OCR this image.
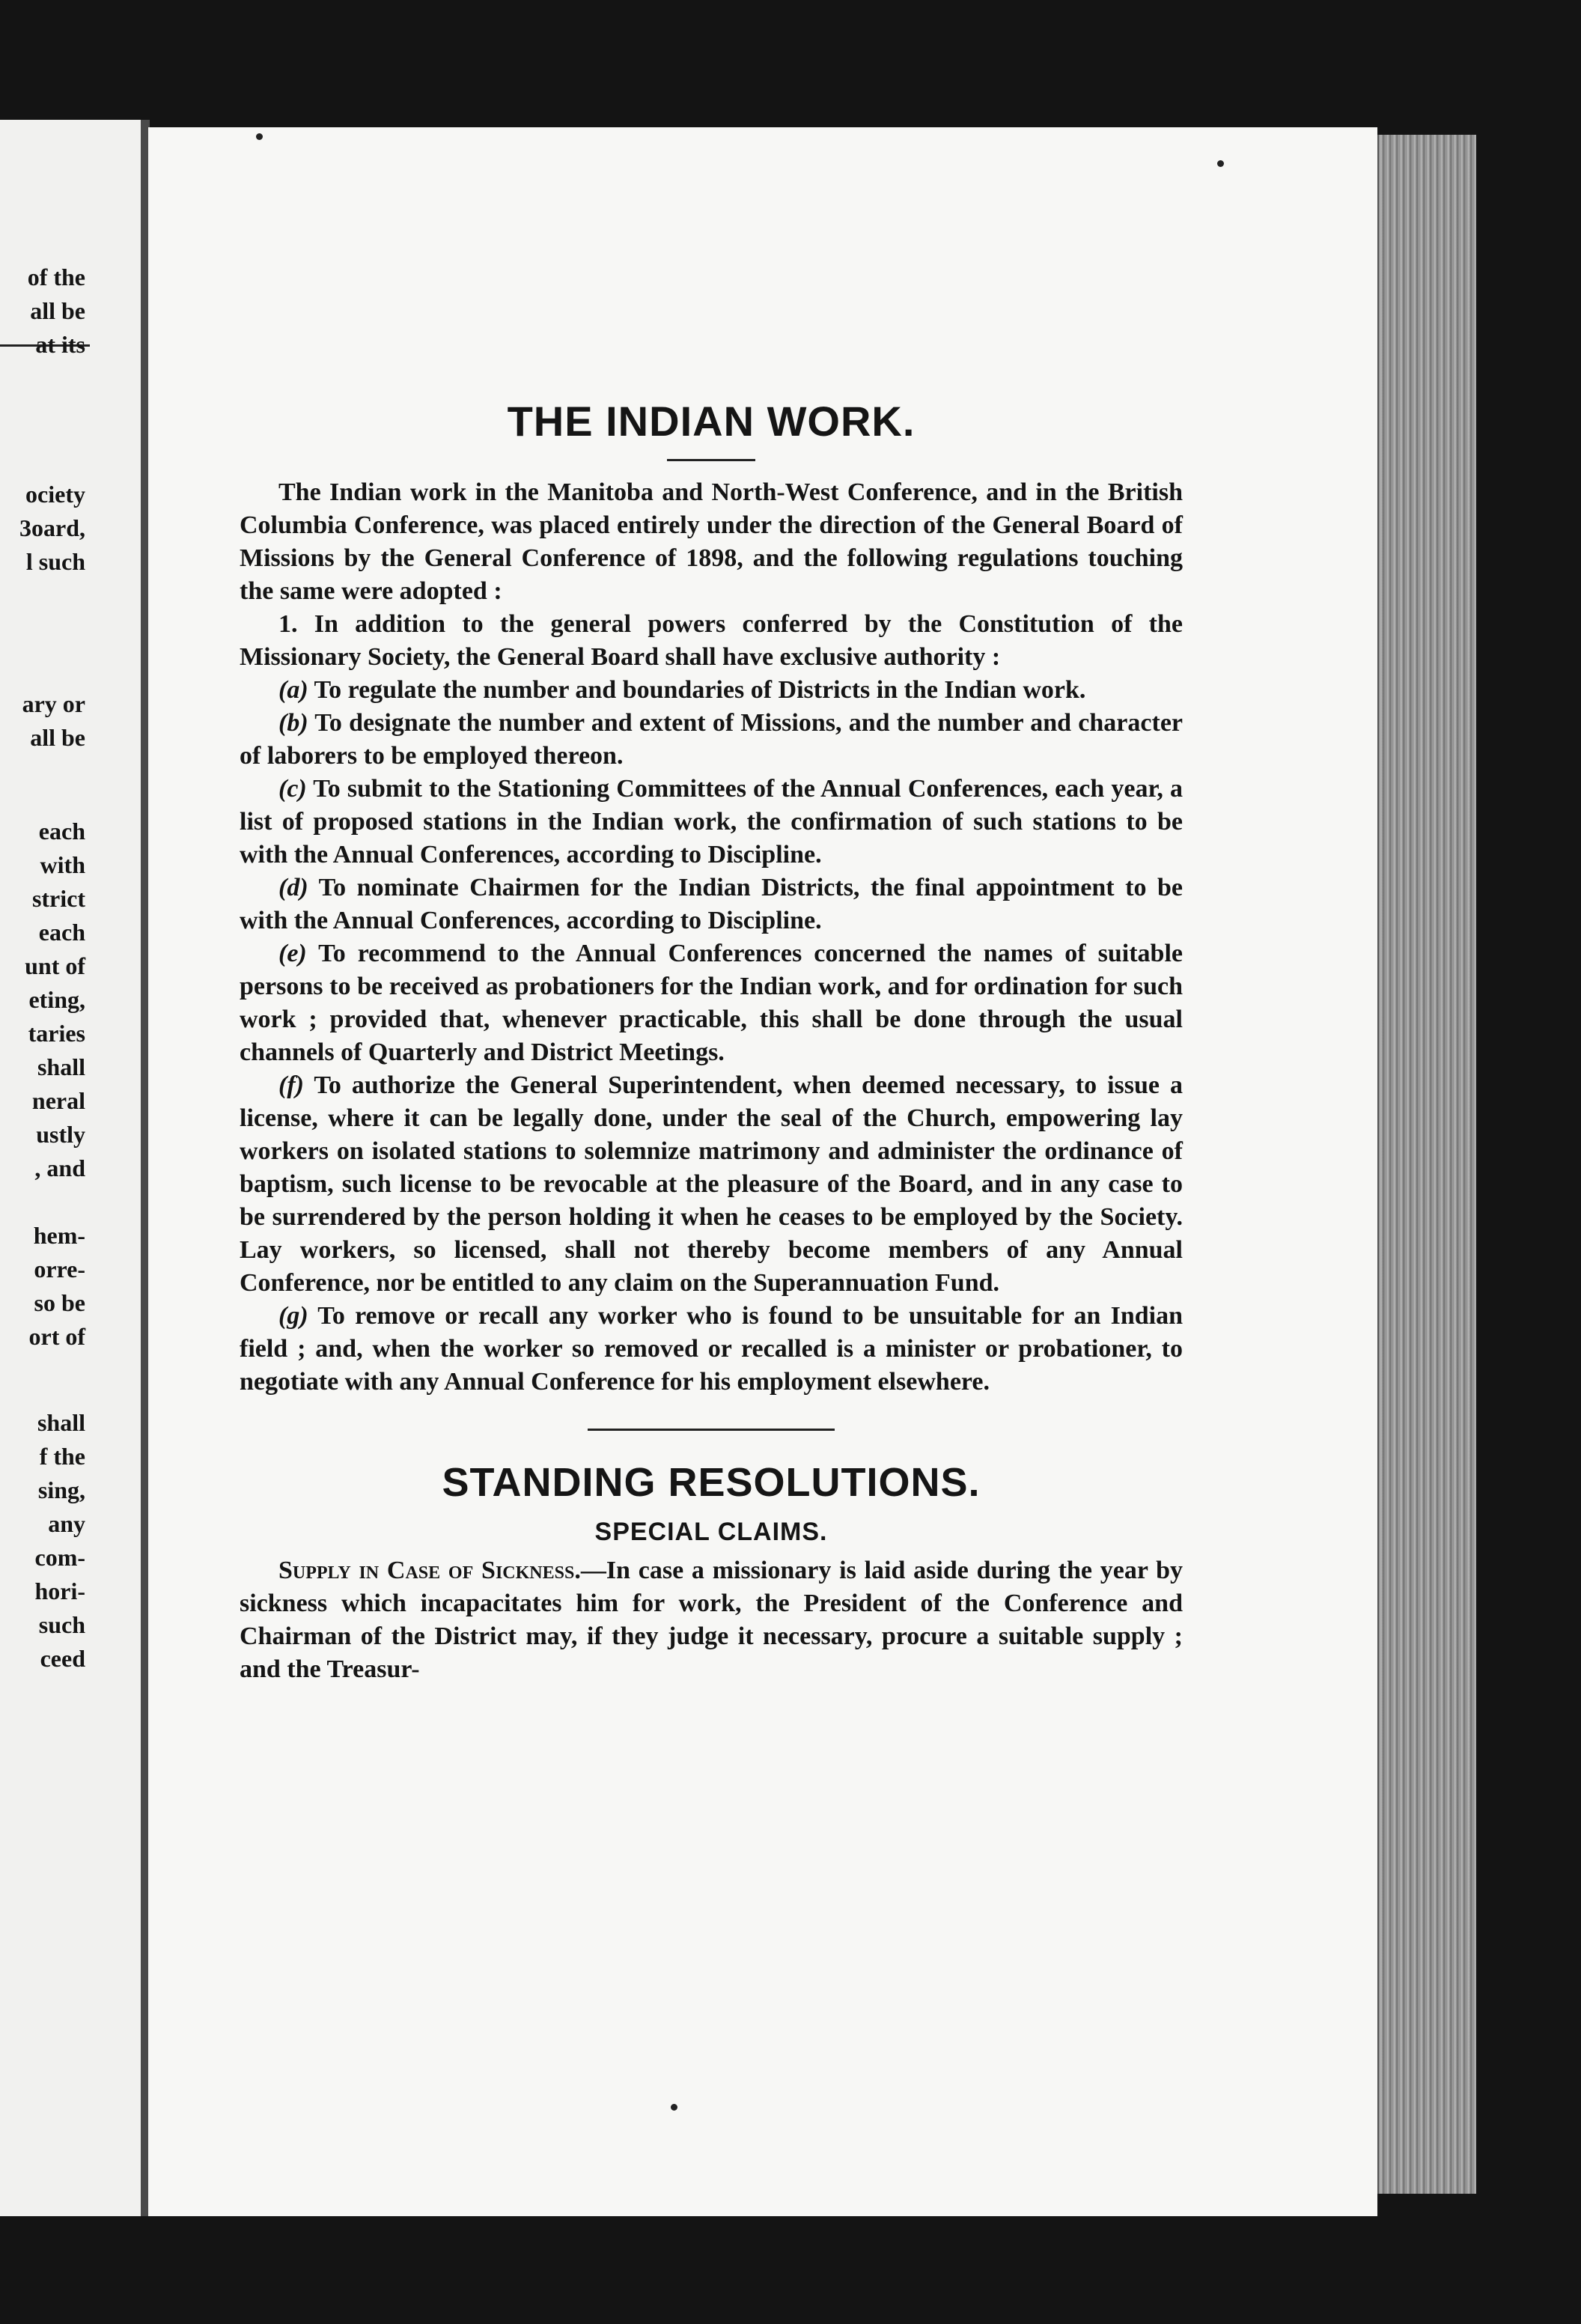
of the
all be
at its
ociety
3oard,
l such
ary or
all be
each
with
strict
each
unt of
eting,
taries
shall
neral
ustly
, and
hem-
orre-
so be
ort of
shall
f the
sing,
any
com-
hori-
such
ceed
THE INDIAN WORK.

The Indian work in the Manitoba and North-West Conference, and in the British Columbia Conference, was placed entirely under the direction of the General Board of Missions by the General Conference of 1898, and the following regulations touching the same were adopted :

1. In addition to the general powers conferred by the Constitution of the Missionary Society, the General Board shall have exclusive authority :

(a) To regulate the number and boundaries of Districts in the Indian work.

(b) To designate the number and extent of Missions, and the number and character of laborers to be employed thereon.

(c) To submit to the Stationing Committees of the Annual Conferences, each year, a list of proposed stations in the Indian work, the confirmation of such stations to be with the Annual Conferences, according to Discipline.

(d) To nominate Chairmen for the Indian Districts, the final appointment to be with the Annual Conferences, according to Discipline.

(e) To recommend to the Annual Conferences concerned the names of suitable persons to be received as probationers for the Indian work, and for ordination for such work ; provided that, whenever practicable, this shall be done through the usual channels of Quarterly and District Meetings.

(f) To authorize the General Superintendent, when deemed necessary, to issue a license, where it can be legally done, under the seal of the Church, empowering lay workers on isolated stations to solemnize matrimony and administer the ordinance of baptism, such license to be revocable at the pleasure of the Board, and in any case to be surrendered by the person holding it when he ceases to be employed by the Society. Lay workers, so licensed, shall not thereby become members of any Annual Conference, nor be entitled to any claim on the Superannuation Fund.

(g) To remove or recall any worker who is found to be unsuitable for an Indian field ; and, when the worker so removed or recalled is a minister or probationer, to negotiate with any Annual Conference for his employment elsewhere.

STANDING RESOLUTIONS.
SPECIAL CLAIMS.

Supply in Case of Sickness.—In case a missionary is laid aside during the year by sickness which incapacitates him for work, the President of the Conference and Chairman of the District may, if they judge it necessary, procure a suitable supply ; and the Treasur-
